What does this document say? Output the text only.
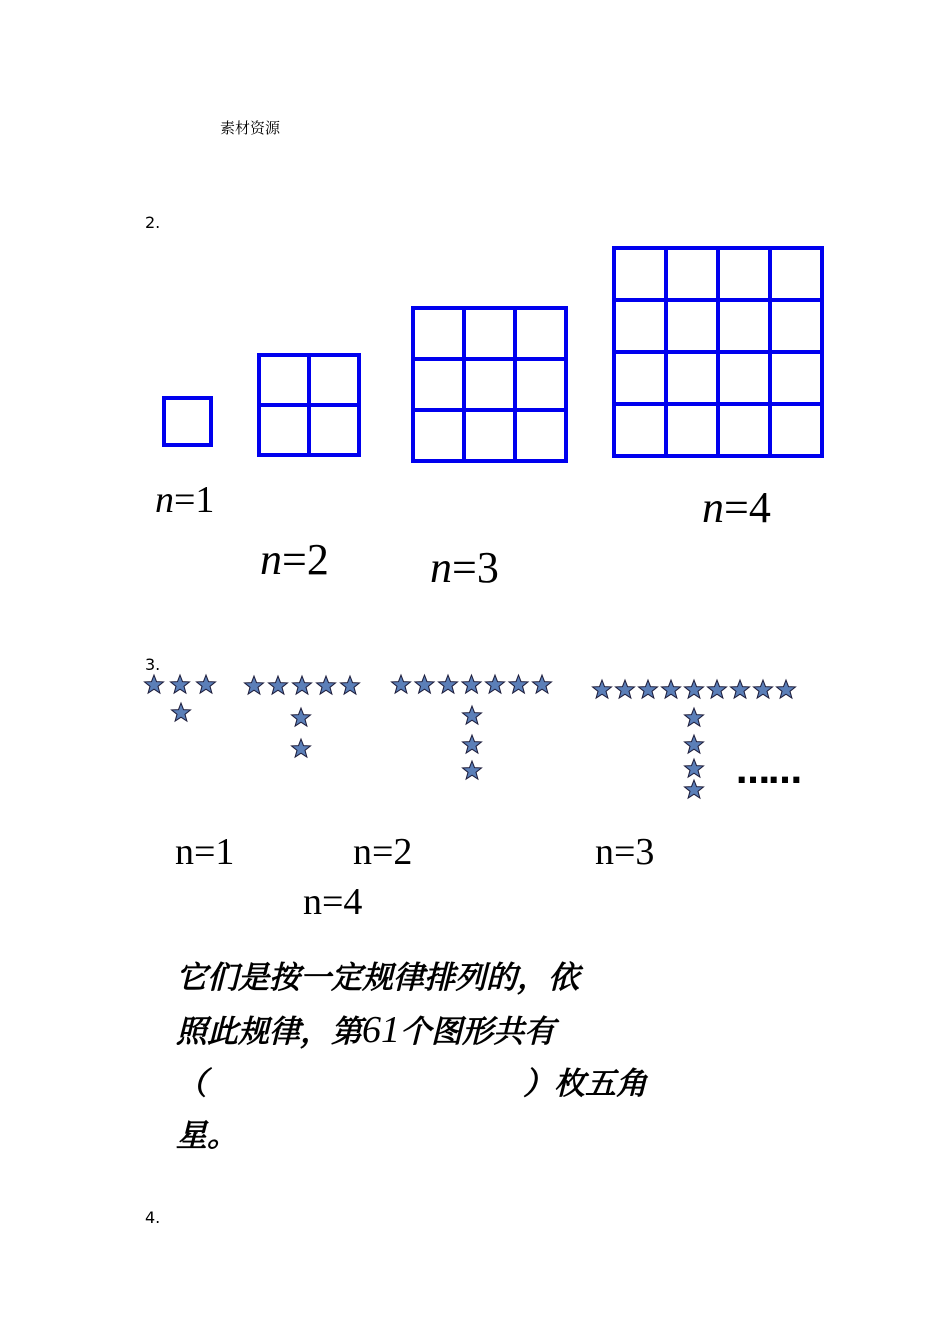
素材资源
2.
n=1
n=2 n=3
n=4
3.
……
n=1	n=2	n=3
n=4
它们是按一定规律排列的，依
照此规律，第61个图形共有
（	）枚五角
星。
4.
